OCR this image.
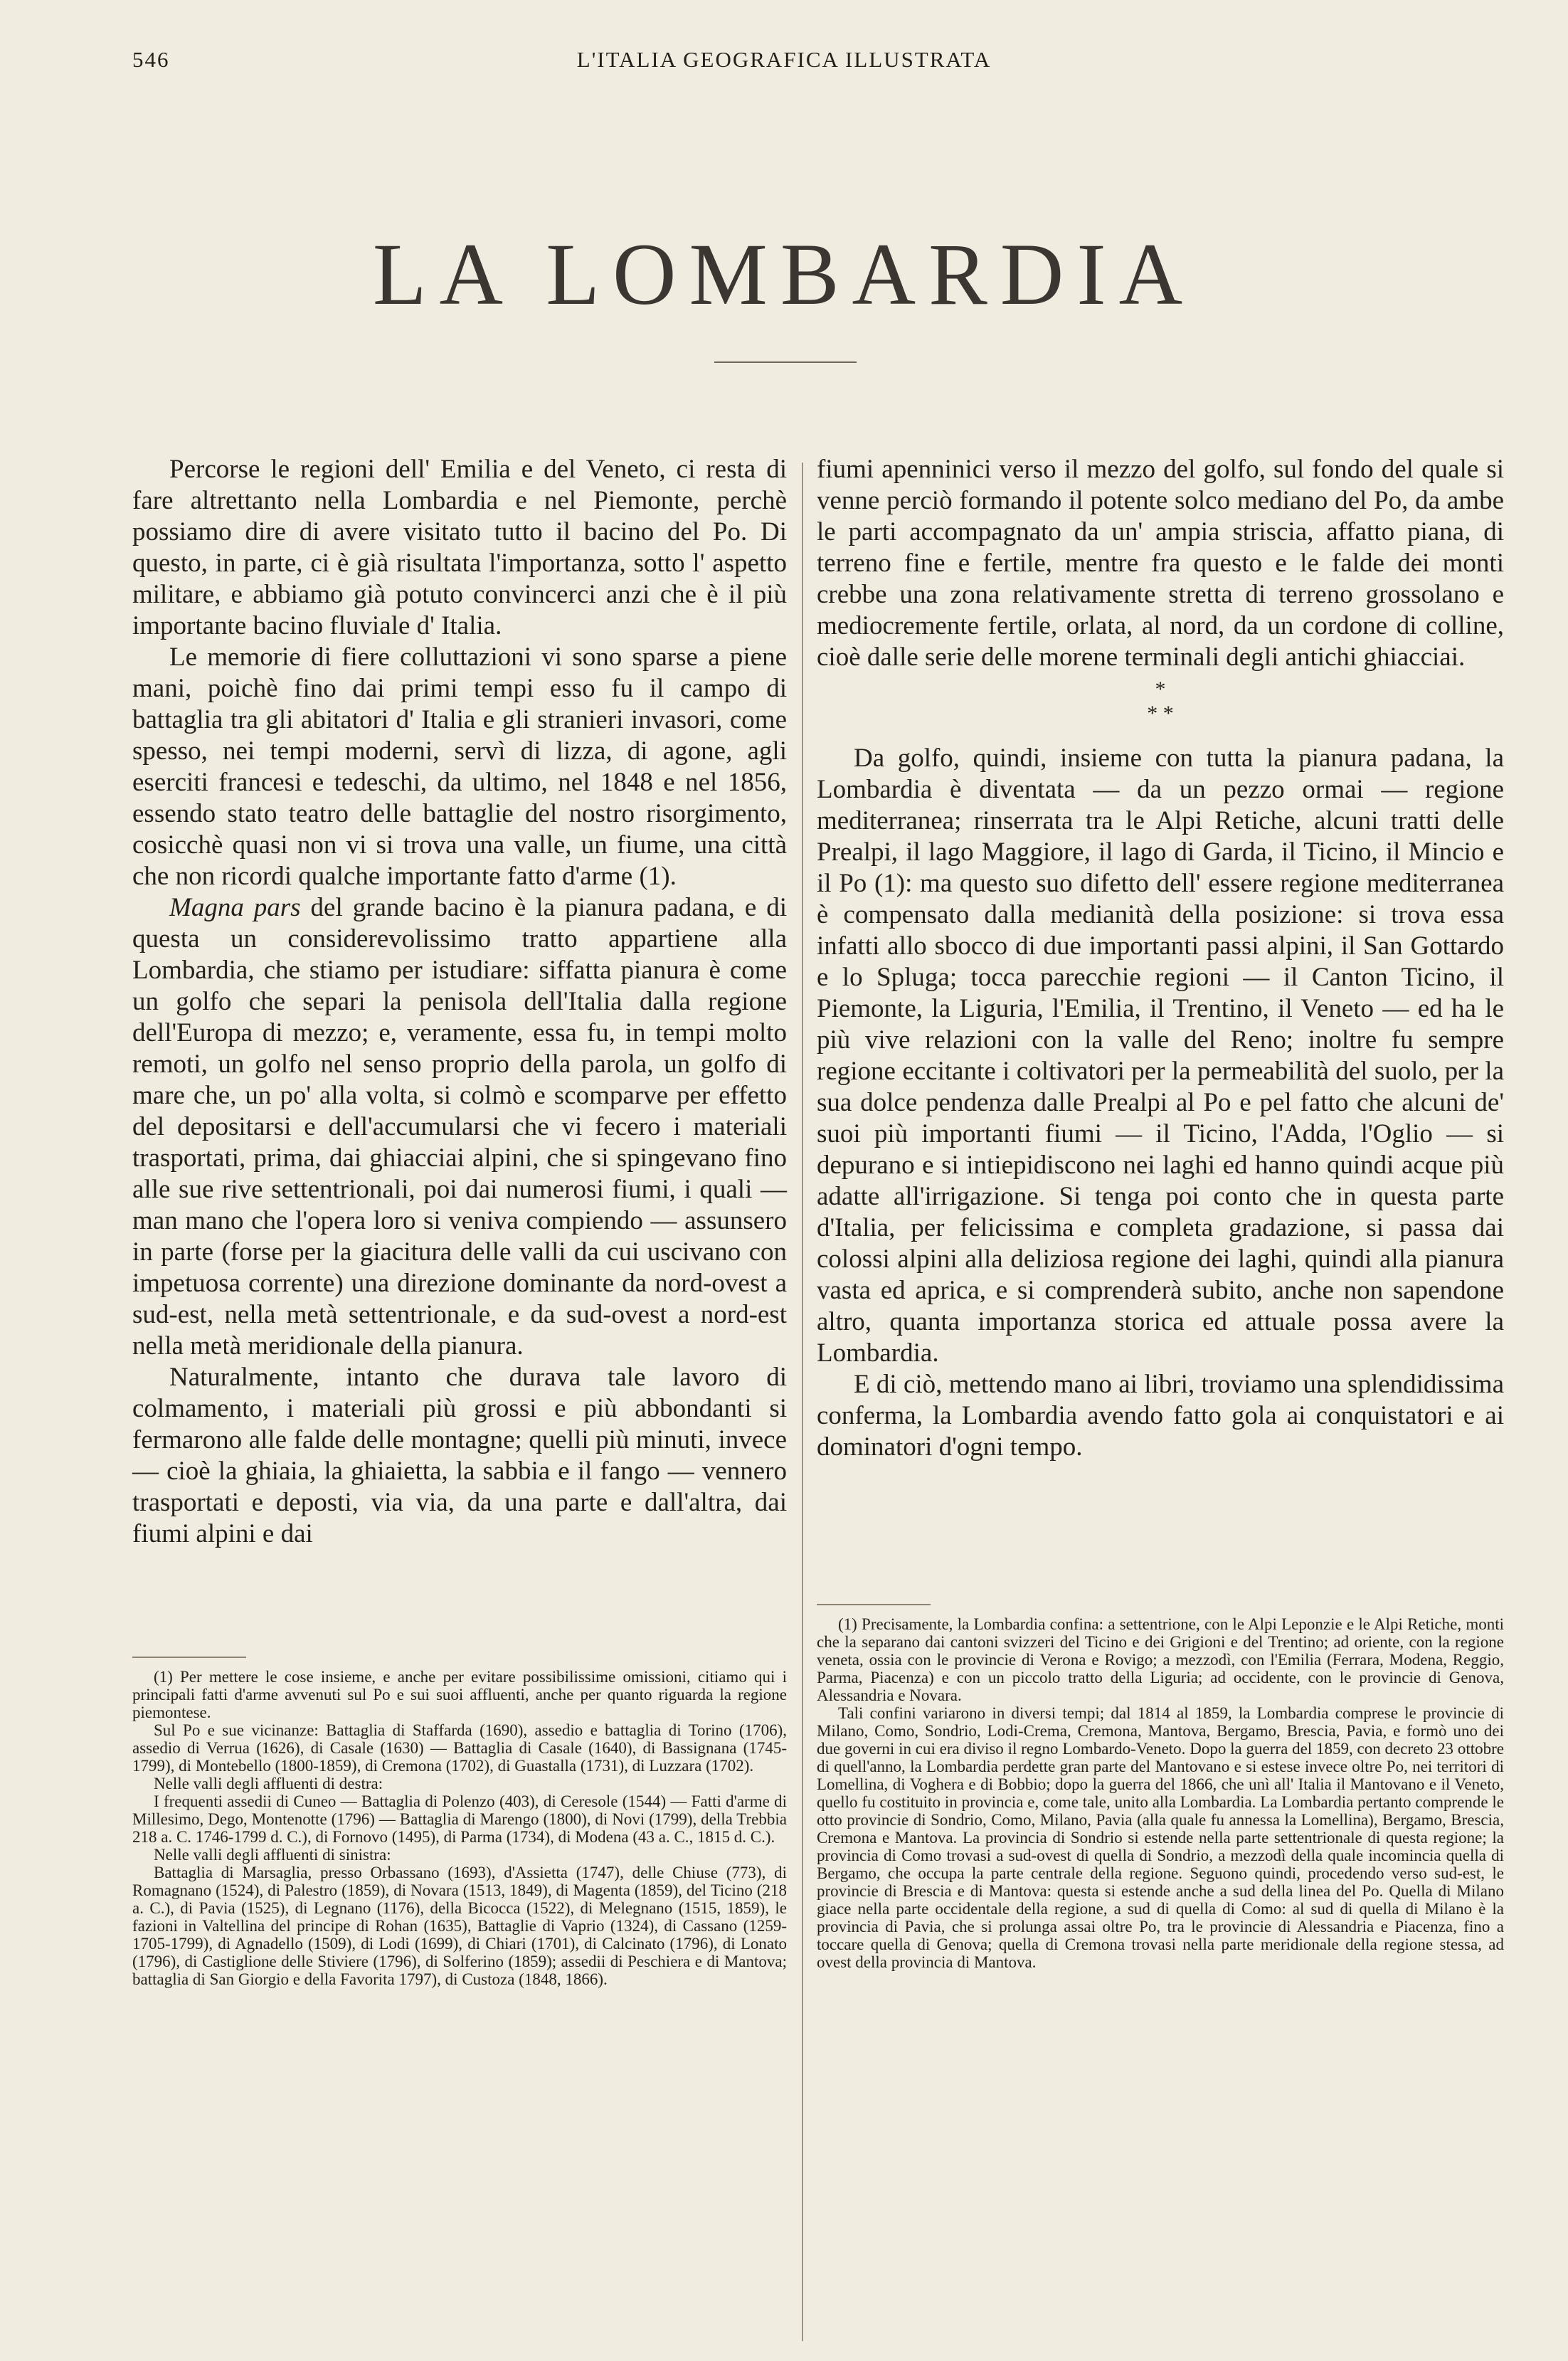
546	L'ITALIA GEOGRAFICA ILLUSTRATA
LA LOMBARDIA

Percorse le regioni dell' Emilia e del Veneto, ci resta di fare altrettanto nella Lombardia e nel Piemonte, perchè possiamo dire di avere visitato tutto il bacino del Po. Di questo, in parte, ci è già risultata l'importanza, sotto l' aspetto militare, e abbiamo già potuto convincerci anzi che è il più importante bacino fluviale d' Italia.

Le memorie di fiere colluttazioni vi sono sparse a piene mani, poichè fino dai primi tempi esso fu il campo di battaglia tra gli abitatori d' Italia e gli stranieri invasori, come spesso, nei tempi moderni, servì di lizza, di agone, agli eserciti francesi e tedeschi, da ultimo, nel 1848 e nel 1856, essendo stato teatro delle battaglie del nostro risorgimento, cosicchè quasi non vi si trova una valle, un fiume, una città che non ricordi qualche importante fatto d'arme (1).

Magna pars del grande bacino è la pianura padana, e di questa un considerevolissimo tratto appartiene alla Lombardia, che stiamo per istudiare: siffatta pianura è come un golfo che separi la penisola dell'Italia dalla regione dell'Europa di mezzo; e, veramente, essa fu, in tempi molto remoti, un golfo nel senso proprio della parola, un golfo di mare che, un po' alla volta, si colmò e scomparve per effetto del depositarsi e dell'accumularsi che vi fecero i materiali trasportati, prima, dai ghiacciai alpini, che si spingevano fino alle sue rive settentrionali, poi dai numerosi fiumi, i quali — man mano che l'opera loro si veniva compiendo — assunsero in parte (forse per la giacitura delle valli da cui uscivano con impetuosa corrente) una direzione dominante da nord-ovest a sud-est, nella metà settentrionale, e da sud-ovest a nord-est nella metà meridionale della pianura.

Naturalmente, intanto che durava tale lavoro di colmamento, i materiali più grossi e più abbondanti si fermarono alle falde delle montagne; quelli più minuti, invece — cioè la ghiaia, la ghiaietta, la sabbia e il fango — vennero trasportati e deposti, via via, da una parte e dall'altra, dai fiumi alpini e dai

fiumi apenninici verso il mezzo del golfo, sul fondo del quale si venne perciò formando il potente solco mediano del Po, da ambe le parti accompagnato da un' ampia striscia, affatto piana, di terreno fine e fertile, mentre fra questo e le falde dei monti crebbe una zona relativamente stretta di terreno grossolano e mediocremente fertile, orlata, al nord, da un cordone di colline, cioè dalle serie delle morene terminali degli antichi ghiacciai.

*
* *

Da golfo, quindi, insieme con tutta la pianura padana, la Lombardia è diventata — da un pezzo ormai — regione mediterranea; rinserrata tra le Alpi Retiche, alcuni tratti delle Prealpi, il lago Maggiore, il lago di Garda, il Ticino, il Mincio e il Po (1): ma questo suo difetto dell' essere regione mediterranea è compensato dalla medianità della posizione: si trova essa infatti allo sbocco di due importanti passi alpini, il San Gottardo e lo Spluga; tocca parecchie regioni — il Canton Ticino, il Piemonte, la Liguria, l'Emilia, il Trentino, il Veneto — ed ha le più vive relazioni con la valle del Reno; inoltre fu sempre regione eccitante i coltivatori per la permeabilità del suolo, per la sua dolce pendenza dalle Prealpi al Po e pel fatto che alcuni de' suoi più importanti fiumi — il Ticino, l'Adda, l'Oglio — si depurano e si intiepidiscono nei laghi ed hanno quindi acque più adatte all'irrigazione. Si tenga poi conto che in questa parte d'Italia, per felicissima e completa gradazione, si passa dai colossi alpini alla deliziosa regione dei laghi, quindi alla pianura vasta ed aprica, e si comprenderà subito, anche non sapendone altro, quanta importanza storica ed attuale possa avere la Lombardia.

E di ciò, mettendo mano ai libri, troviamo una splendidissima conferma, la Lombardia avendo fatto gola ai conquistatori e ai dominatori d'ogni tempo.

(1) Per mettere le cose insieme, e anche per evitare possibilissime omissioni, citiamo qui i principali fatti d'arme avvenuti sul Po e sui suoi affluenti, anche per quanto riguarda la regione piemontese.

Sul Po e sue vicinanze: Battaglia di Staffarda (1690), assedio e battaglia di Torino (1706), assedio di Verrua (1626), di Casale (1630) — Battaglia di Casale (1640), di Bassignana (1745-1799), di Montebello (1800-1859), di Cremona (1702), di Guastalla (1731), di Luzzara (1702).

Nelle valli degli affluenti di destra:

I frequenti assedii di Cuneo — Battaglia di Polenzo (403), di Ceresole (1544) — Fatti d'arme di Millesimo, Dego, Montenotte (1796) — Battaglia di Marengo (1800), di Novi (1799), della Trebbia 218 a. C. 1746-1799 d. C.), di Fornovo (1495), di Parma (1734), di Modena (43 a. C., 1815 d. C.).

Nelle valli degli affluenti di sinistra:

Battaglia di Marsaglia, presso Orbassano (1693), d'Assietta (1747), delle Chiuse (773), di Romagnano (1524), di Palestro (1859), di Novara (1513, 1849), di Magenta (1859), del Ticino (218 a. C.), di Pavia (1525), di Legnano (1176), della Bicocca (1522), di Melegnano (1515, 1859), le fazioni in Valtellina del principe di Rohan (1635), Battaglie di Vaprio (1324), di Cassano (1259-1705-1799), di Agnadello (1509), di Lodi (1699), di Chiari (1701), di Calcinato (1796), di Lonato (1796), di Castiglione delle Stiviere (1796), di Solferino (1859); assedii di Peschiera e di Mantova; battaglia di San Giorgio e della Favorita 1797), di Custoza (1848, 1866).

(1) Precisamente, la Lombardia confina: a settentrione, con le Alpi Leponzie e le Alpi Retiche, monti che la separano dai cantoni svizzeri del Ticino e dei Grigioni e del Trentino; ad oriente, con la regione veneta, ossia con le provincie di Verona e Rovigo; a mezzodì, con l'Emilia (Ferrara, Modena, Reggio, Parma, Piacenza) e con un piccolo tratto della Liguria; ad occidente, con le provincie di Genova, Alessandria e Novara.

Tali confini variarono in diversi tempi; dal 1814 al 1859, la Lombardia comprese le provincie di Milano, Como, Sondrio, Lodi-Crema, Cremona, Mantova, Bergamo, Brescia, Pavia, e formò uno dei due governi in cui era diviso il regno Lombardo-Veneto. Dopo la guerra del 1859, con decreto 23 ottobre di quell'anno, la Lombardia perdette gran parte del Mantovano e si estese invece oltre Po, nei territori di Lomellina, di Voghera e di Bobbio; dopo la guerra del 1866, che unì all' Italia il Mantovano e il Veneto, quello fu costituito in provincia e, come tale, unito alla Lombardia. La Lombardia pertanto comprende le otto provincie di Sondrio, Como, Milano, Pavia (alla quale fu annessa la Lomellina), Bergamo, Brescia, Cremona e Mantova. La provincia di Sondrio si estende nella parte settentrionale di questa regione; la provincia di Como trovasi a sud-ovest di quella di Sondrio, a mezzodì della quale incomincia quella di Bergamo, che occupa la parte centrale della regione. Seguono quindi, procedendo verso sud-est, le provincie di Brescia e di Mantova: questa si estende anche a sud della linea del Po. Quella di Milano giace nella parte occidentale della regione, a sud di quella di Como: al sud di quella di Milano è la provincia di Pavia, che si prolunga assai oltre Po, tra le provincie di Alessandria e Piacenza, fino a toccare quella di Genova; quella di Cremona trovasi nella parte meridionale della regione stessa, ad ovest della provincia di Mantova.
